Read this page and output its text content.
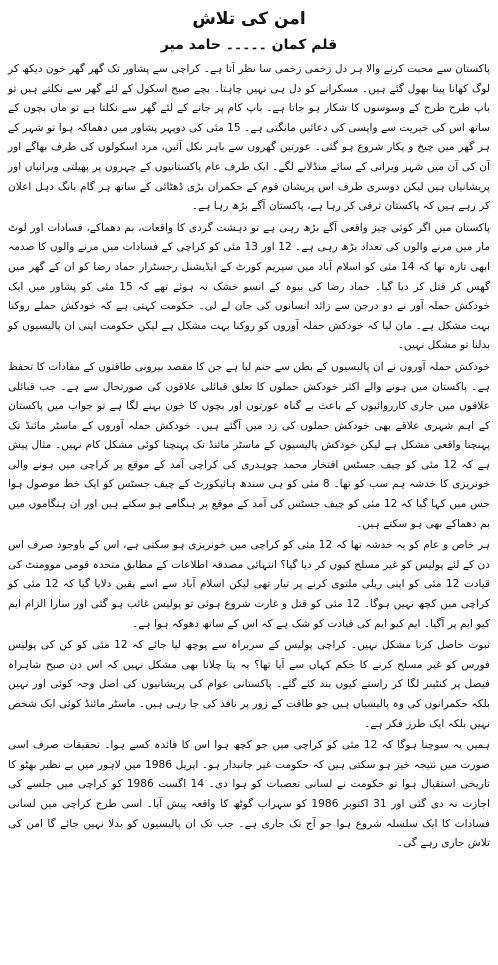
امن کی تلاش
قلم کمان ۔۔۔۔۔ حامد میر

پاکستان سے محبت کرنے والا ہر دل زخمی زخمی سا نظر آتا ہے۔ کراچی سے پشاور تک گھر گھر خون دیکھ کر لوگ کھانا پینا بھول گئے ہیں۔ مسکرانے کو دل ہی نہیں چاہتا۔ بچے صبح اسکول کے لئے گھر سے نکلتے ہیں تو باپ طرح طرح کے وسوسوں کا شکار ہو جاتا ہے۔ باپ کام پر جانے کے لئے گھر سے نکلتا ہے تو ماں بچوں کے ساتھ اس کی خیریت سے واپسی کی دعائیں مانگتی ہے۔ 15 مئی کی دوپہر پشاور میں دھماکہ ہوا تو شہر کے ہر گھر میں چیخ و پکار شروع ہو گئی۔ عورتیں گھروں سے باہر نکل آئیں، مرد اسکولوں کی طرف بھاگے اور آن کی آن میں شہر ویرانی کے سائے منڈلانے لگے۔ ایک طرف عام پاکستانیوں کے چہروں پر پھیلتی ویرانیاں اور پریشانیاں ہیں لیکن دوسری طرف اس پریشان قوم کے حکمران بڑی ڈھٹائی کے ساتھ ہر گام بانگ دہل اعلان کر رہے ہیں کہ پاکستان ترقی کر رہا ہے، پاکستان آگے بڑھ رہا ہے۔

پاکستان میں اگر کوئی چیز واقعی آگے بڑھ رہی ہے تو دہشت گردی کا واقعات، بم دھماکے، فسادات اور لوٹ مار میں مرنے والوں کی تعداد بڑھ رہی ہے۔ 12 اور 13 مئی کو کراچی کے فسادات میں مرنے والوں کا صدمہ ابھی تازہ تھا کہ 14 مئی کو اسلام آباد میں سپریم کورٹ کے ایڈیشنل رجسٹرار حماد رضا کو ان کے گھر میں گھس کر قتل کر دیا گیا۔ حماد رضا کی بیوہ کے انسو خشک نہ ہوئے تھے کہ 15 مئی کو پشاور میں ایک خودکش حملہ آور نے دو درجن سے زائد انسانوں کی جان لے لی۔ حکومت کہتی ہے کہ خودکش حملے روکنا بہت مشکل ہے۔ مان لیا کہ خودکش حملہ آوروں کو روکنا بہت مشکل ہے لیکن حکومت اپنی ان پالیسیوں کو بدلنا تو مشکل نہیں۔

خودکش حملہ آوروں نے ان پالیسیوں کے بطن سے جنم لیا ہے جن کا مقصد بیرونی طاقتوں کے مفادات کا تحفظ ہے۔ پاکستان میں ہونے والے اکثر خودکش حملوں کا تعلق قبائلی علاقوں کی صورتحال سے ہے۔ جب قبائلی علاقوں میں جاری کارروائیوں کے باعث بے گناہ عورتوں اور بچوں کا خون بہنے لگا ہے تو جواب میں پاکستان کے اہم شہری علاقے بھی خودکش حملوں کی زد میں آگئے ہیں۔ خودکش حملہ آوروں کے ماسٹر مائنڈ تک پہنچنا واقعی مشکل ہے لیکن خودکش پالیسیوں کے ماسٹر مائنڈ تک پہنچنا کوئی مشکل کام نہیں۔ مثال پیش ہے کہ 12 مئی کو چیف جسٹس افتخار محمد چوہدری کی کراچی آمد کے موقع پر کراچی میں ہونے والی خونریزی کا خدشہ ہم سب کو تھا۔ 8 مئی کو ہی سندھ ہائیکورٹ کے چیف جسٹس کو ایک خط موصول ہوا جس میں کہا گیا کہ 12 مئی کو چیف جسٹس کی آمد کے موقع پر ہنگامے ہو سکتے ہیں اور ان ہنگاموں میں بم دھماکے بھی ہو سکتے ہیں۔

ہر خاص و عام کو یہ خدشہ تھا کہ 12 مئی کو کراچی میں خونریزی ہو سکتی ہے، اس کے باوجود صرف اس دن کے لئے پولیس کو غیر مسلح کیوں کر دیا گیا؟ انتہائی مصدقہ اطلاعات کے مطابق متحدہ قومی موومنٹ کی قیادت 12 مئی کو اپنی ریلی ملتوی کرنے پر تیار تھی لیکن اسلام آباد سے اسے یقین دلایا گیا کہ 12 مئی کو کراچی میں کچھ نہیں ہوگا۔ 12 مئی کو قتل و غارت شروع ہوئی تو پولیس غائب ہو گئی اور سارا الزام ایم کیو ایم پر آگیا۔ ایم کیو ایم کی قیادت کو شک ہے کہ اس کے ساتھ دھوکہ ہوا ہے۔

ثبوت حاصل کرنا مشکل نہیں۔ کراچی پولیس کے سربراہ سے پوچھ لیا جائے کہ 12 مئی کو کن کی پولیس فورس کو غیر مسلح کرنے کا حکم کہاں سے آیا تھا؟ یہ پتا چلانا بھی مشکل نہیں کہ اس دن صبح شاہراہ فیصل پر کنٹینر لگا کر راستے کیوں بند کئے گئے۔ پاکستانی عوام کی پریشانیوں کی اصل وجہ کوئی اور نہیں بلکہ حکمرانوں کی وہ پالیسیاں ہیں جو طاقت کے زور پر نافذ کی جا رہی ہیں۔ ماسٹر مائنڈ کوئی ایک شخص نہیں بلکہ ایک طرز فکر ہے۔

ہمیں یہ سوچنا ہوگا کہ 12 مئی کو کراچی میں جو کچھ ہوا اس کا فائدہ کسے ہوا۔ تحقیقات صرف اسی صورت میں نتیجہ خیز ہو سکتی ہیں کہ حکومت غیر جانبدار ہو۔ اپریل 1986 میں لاہور میں بے نظیر بھٹو کا تاریخی استقبال ہوا تو حکومت نے لسانی تعصبات کو ہوا دی۔ 14 اگست 1986 کو کراچی میں جلسے کی اجازت نہ دی گئی اور 31 اکتوبر 1986 کو سہراب گوٹھ کا واقعہ پیش آیا۔ اسی طرح کراچی میں لسانی فسادات کا ایک سلسلہ شروع ہوا جو آج تک جاری ہے۔ جب تک ان پالیسیوں کو بدلا نہیں جائے گا امن کی تلاش جاری رہے گی۔
